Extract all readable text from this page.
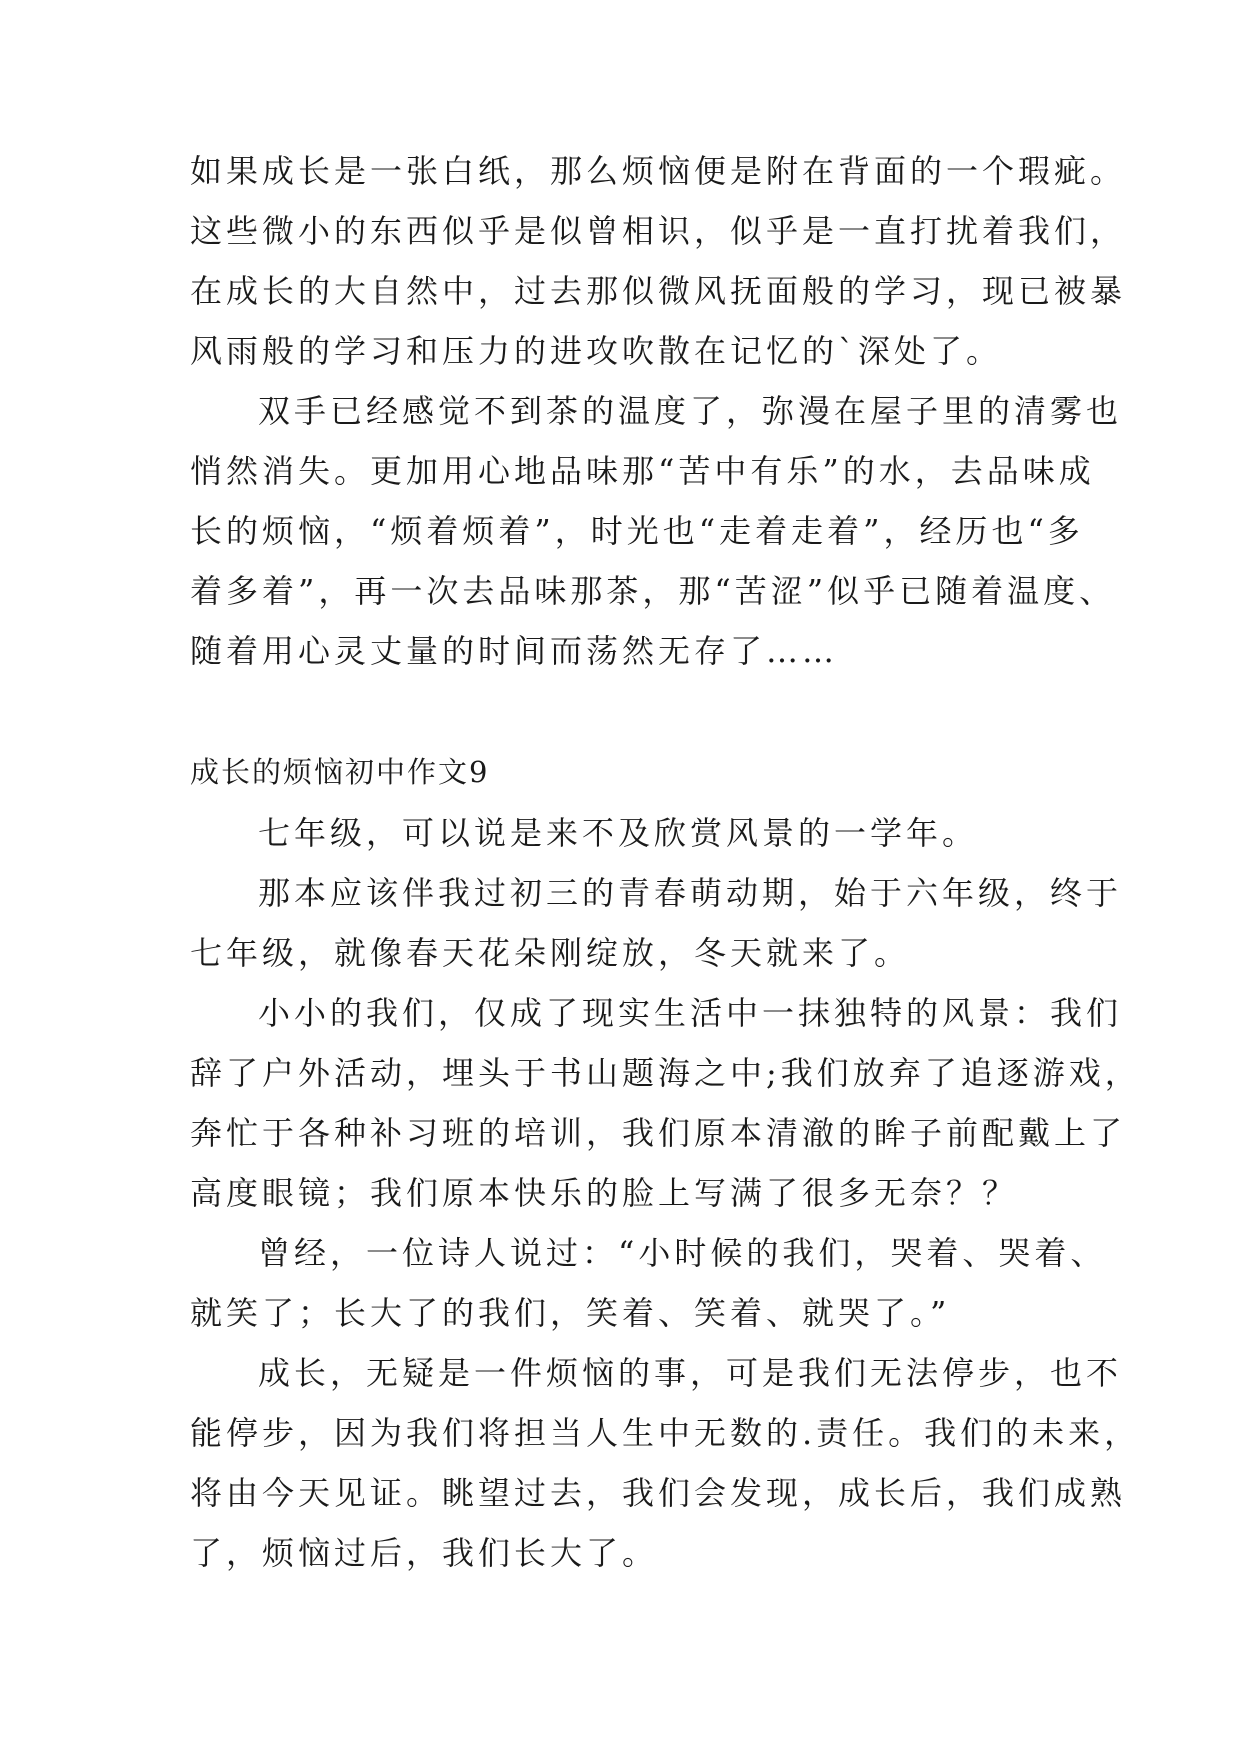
如果成长是一张白纸，那么烦恼便是附在背面的一个瑕疵。
这些微小的东西似乎是似曾相识，似乎是一直打扰着我们，
在成长的大自然中，过去那似微风抚面般的学习，现已被暴
风雨般的学习和压力的进攻吹散在记忆的`深处了。
双手已经感觉不到茶的温度了，弥漫在屋子里的清雾也
悄然消失。更加用心地品味那“苦中有乐”的水，去品味成
长的烦恼，“烦着烦着”，时光也“走着走着”，经历也“多
着多着”，再一次去品味那茶，那“苦涩”似乎已随着温度、
随着用心灵丈量的时间而荡然无存了……
成长的烦恼初中作文9
七年级，可以说是来不及欣赏风景的一学年。
那本应该伴我过初三的青春萌动期，始于六年级，终于
七年级，就像春天花朵刚绽放，冬天就来了。
小小的我们，仅成了现实生活中一抹独特的风景：我们
辞了户外活动，埋头于书山题海之中;我们放弃了追逐游戏，
奔忙于各种补习班的培训，我们原本清澈的眸子前配戴上了
高度眼镜；我们原本快乐的脸上写满了很多无奈？？
曾经，一位诗人说过：“小时候的我们，哭着、哭着、
就笑了；长大了的我们，笑着、笑着、就哭了。”
成长，无疑是一件烦恼的事，可是我们无法停步，也不
能停步，因为我们将担当人生中无数的.责任。我们的未来，
将由今天见证。眺望过去，我们会发现，成长后，我们成熟
了，烦恼过后，我们长大了。
